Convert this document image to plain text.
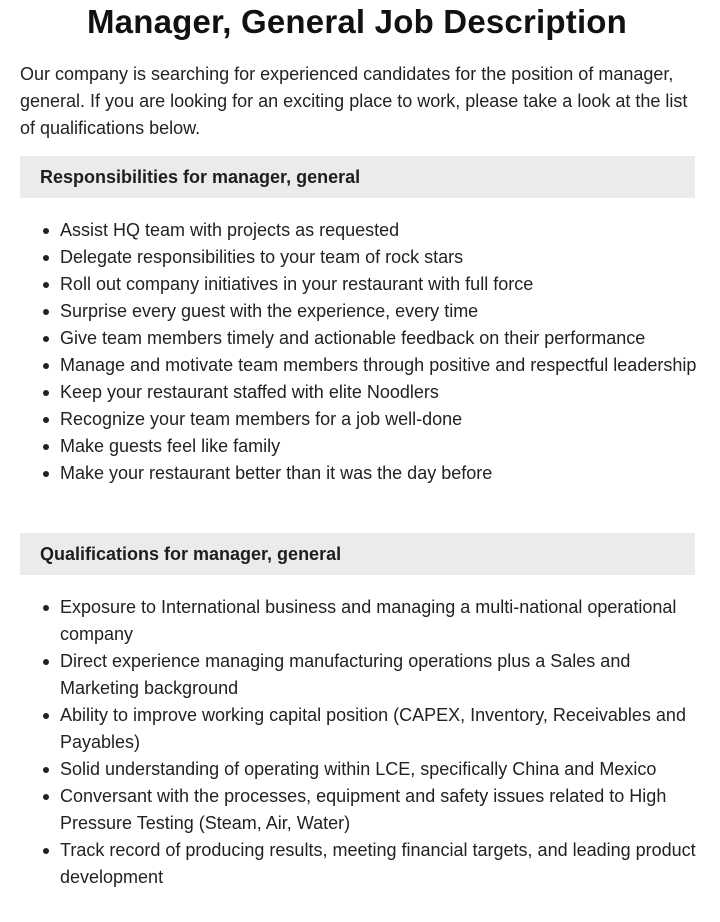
Manager, General Job Description

Our company is searching for experienced candidates for the position of manager, general. If you are looking for an exciting place to work, please take a look at the list of qualifications below.

Responsibilities for manager, general
Assist HQ team with projects as requested
Delegate responsibilities to your team of rock stars
Roll out company initiatives in your restaurant with full force
Surprise every guest with the experience, every time
Give team members timely and actionable feedback on their performance
Manage and motivate team members through positive and respectful leadership
Keep your restaurant staffed with elite Noodlers
Recognize your team members for a job well-done
Make guests feel like family
Make your restaurant better than it was the day before
Qualifications for manager, general
Exposure to International business and managing a multi-national operational company
Direct experience managing manufacturing operations plus a Sales and Marketing background
Ability to improve working capital position (CAPEX, Inventory, Receivables and Payables)
Solid understanding of operating within LCE, specifically China and Mexico
Conversant with the processes, equipment and safety issues related to High Pressure Testing (Steam, Air, Water)
Track record of producing results, meeting financial targets, and leading product development
